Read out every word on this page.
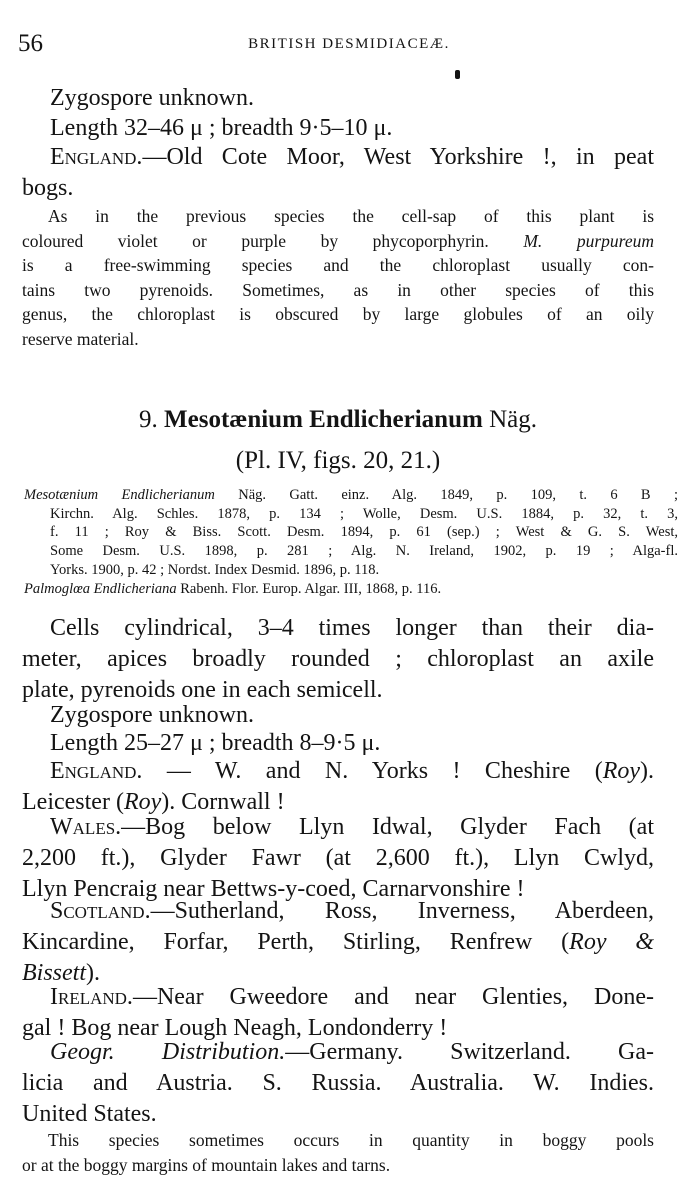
56	BRITISH DESMIDIACEÆ.
Zygospore unknown.
Length 32–46 μ ; breadth 9·5–10 μ.
England.—Old Cote Moor, West Yorkshire !, in peat
bogs.
As in the previous species the cell-sap of this plant is
coloured violet or purple by phycoporphyrin. M. purpureum
is a free-swimming species and the chloroplast usually con-
tains two pyrenoids. Sometimes, as in other species of this
genus, the chloroplast is obscured by large globules of an oily
reserve material.
9. Mesotænium Endlicherianum Näg.
(Pl. IV, figs. 20, 21.)
Mesotænium Endlicherianum Näg. Gatt. einz. Alg. 1849, p. 109, t. 6 B ;
Kirchn. Alg. Schles. 1878, p. 134 ; Wolle, Desm. U.S. 1884, p. 32, t. 3,
f. 11 ; Roy & Biss. Scott. Desm. 1894, p. 61 (sep.) ; West & G. S. West,
Some Desm. U.S. 1898, p. 281 ; Alg. N. Ireland, 1902, p. 19 ; Alga-fl.
Yorks. 1900, p. 42 ; Nordst. Index Desmid. 1896, p. 118.
Palmoglœa Endlicheriana Rabenh. Flor. Europ. Algar. III, 1868, p. 116.
Cells cylindrical, 3–4 times longer than their dia-
meter, apices broadly rounded ; chloroplast an axile
plate, pyrenoids one in each semicell.
Zygospore unknown.
Length 25–27 μ ; breadth 8–9·5 μ.
England. — W. and N. Yorks ! Cheshire (Roy).
Leicester (Roy). Cornwall !
Wales.—Bog below Llyn Idwal, Glyder Fach (at
2,200 ft.), Glyder Fawr (at 2,600 ft.), Llyn Cwlyd,
Llyn Pencraig near Bettws-y-coed, Carnarvonshire !
Scotland.—Sutherland, Ross, Inverness, Aberdeen,
Kincardine, Forfar, Perth, Stirling, Renfrew (Roy &
Bissett).
Ireland.—Near Gweedore and near Glenties, Done-
gal ! Bog near Lough Neagh, Londonderry !
Geogr. Distribution.—Germany. Switzerland. Ga-
licia and Austria. S. Russia. Australia. W. Indies.
United States.
This species sometimes occurs in quantity in boggy pools
or at the boggy margins of mountain lakes and tarns.
